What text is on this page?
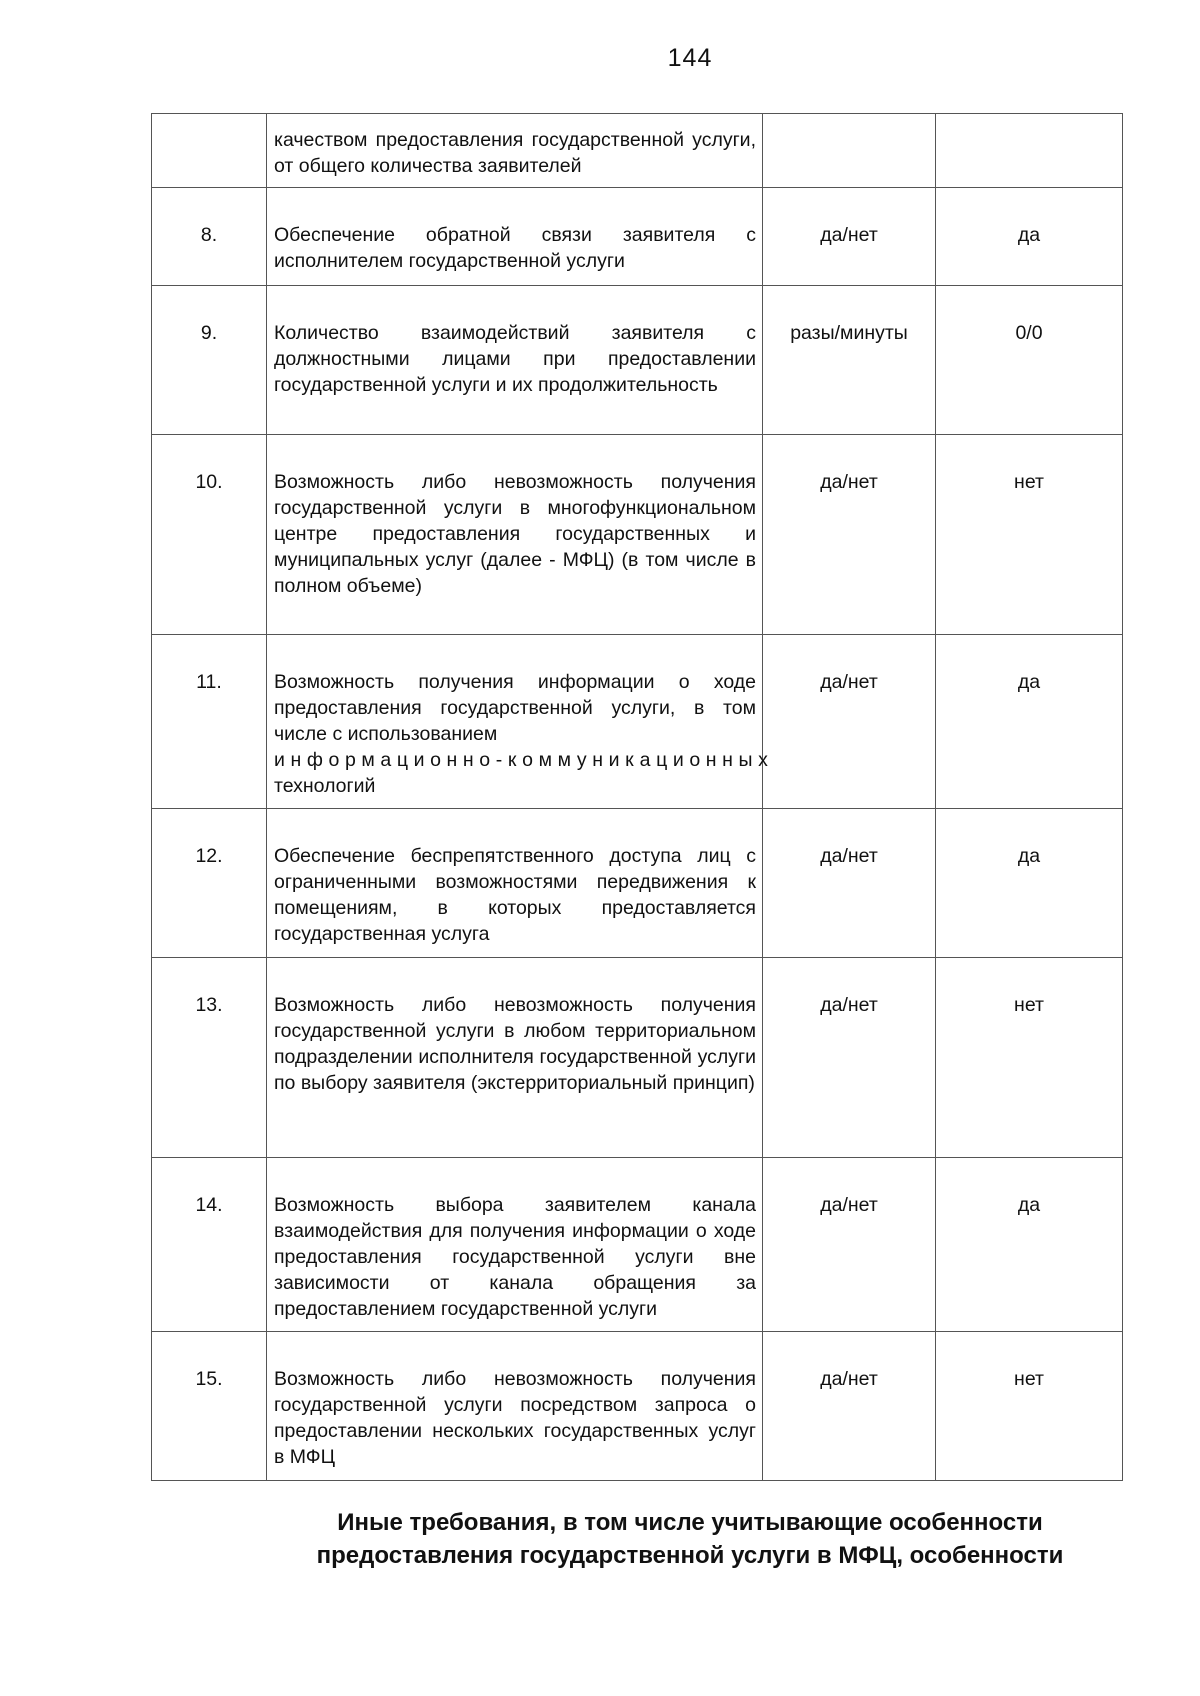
144

	качеством предоставления государственной услуги, от общего количества заявителей		

8.	Обеспечение обратной связи заявителя с исполнителем государственной услуги	да/нет	да

9.	Количество взаимодействий заявителя с должностными лицами при предоставлении государственной услуги и их продолжительность	разы/минуты	0/0

10.	Возможность либо невозможность получения государственной услуги в многофункциональном центре предоставления государственных и муниципальных услуг (далее - МФЦ) (в том числе в полном объеме)	да/нет	нет

11.	Возможность получения информации о ходе предоставления государственной услуги, в том числе с использованием
информационно-коммуникационных
технологий	да/нет	да

12.	Обеспечение беспрепятственного доступа лиц с ограниченными возможностями передвижения к помещениям, в которых предоставляется государственная услуга	да/нет	да

13.	Возможность либо невозможность получения государственной услуги в любом территориальном подразделении исполнителя государственной услуги по выбору заявителя (экстерриториальный принцип)	да/нет	нет

14.	Возможность выбора заявителем канала взаимодействия для получения информации о ходе предоставления государственной услуги вне зависимости от канала обращения за предоставлением государственной услуги	да/нет	да

15.	Возможность либо невозможность получения государственной услуги посредством запроса о предоставлении нескольких государственных услуг в МФЦ	да/нет	нет
Иные требования, в том числе учитывающие особенности
предоставления государственной услуги в МФЦ, особенности
